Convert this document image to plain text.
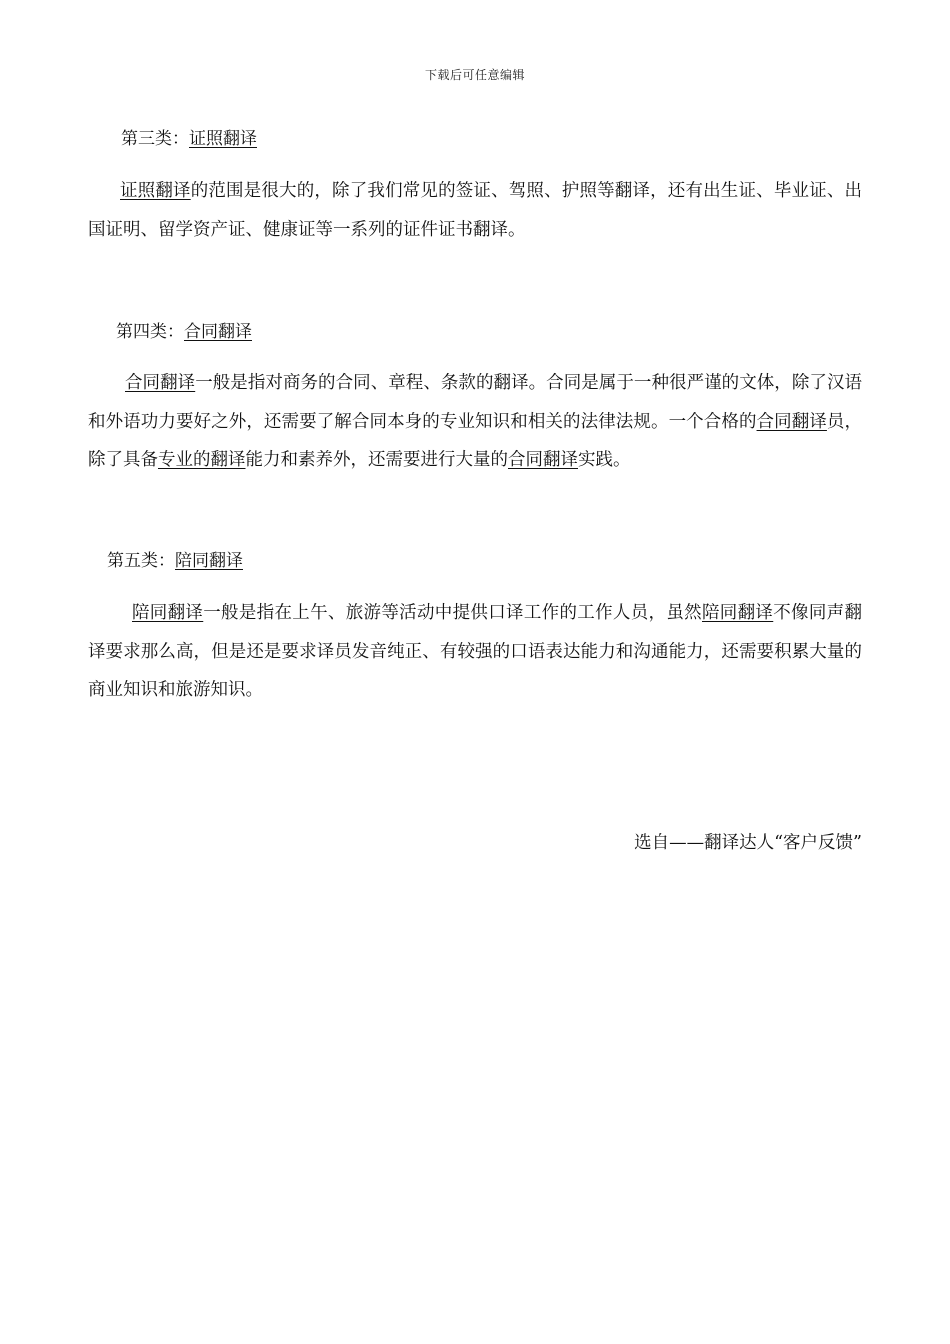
下载后可任意编辑
第三类：证照翻译
证照翻译的范围是很大的，除了我们常见的签证、驾照、护照等翻译，还有出生证、毕业证、出国证明、留学资产证、健康证等一系列的证件证书翻译。
第四类：合同翻译
合同翻译一般是指对商务的合同、章程、条款的翻译。合同是属于一种很严谨的文体，除了汉语和外语功力要好之外，还需要了解合同本身的专业知识和相关的法律法规。一个合格的合同翻译员，除了具备专业的翻译能力和素养外，还需要进行大量的合同翻译实践。
第五类：陪同翻译
陪同翻译一般是指在上午、旅游等活动中提供口译工作的工作人员，虽然陪同翻译不像同声翻译要求那么高，但是还是要求译员发音纯正、有较强的口语表达能力和沟通能力，还需要积累大量的商业知识和旅游知识。
选自——翻译达人“客户反馈”
